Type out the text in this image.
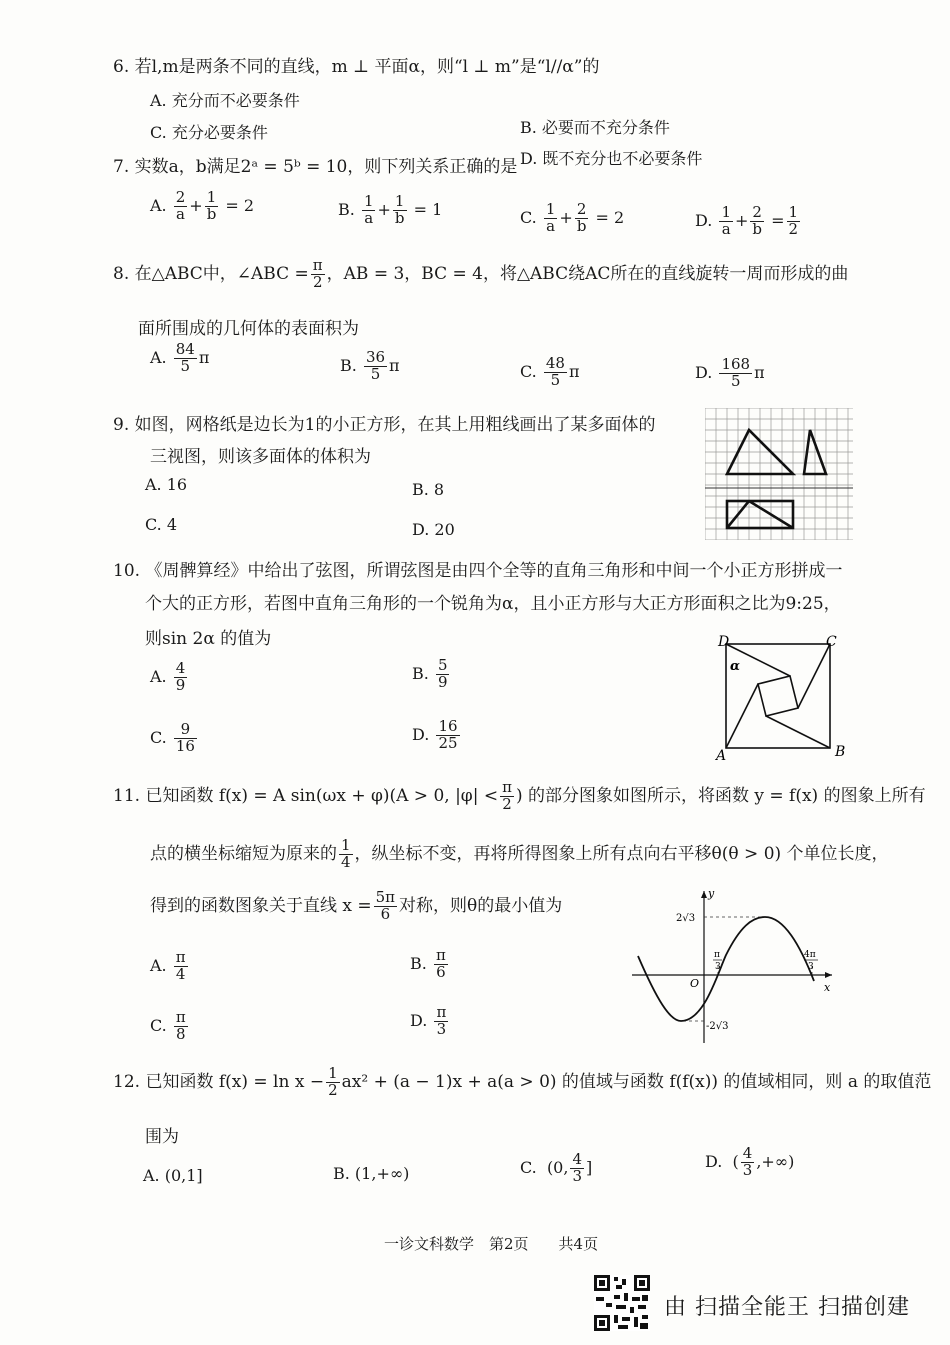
6. 若l,m是两条不同的直线，m ⊥ 平面α，则“l ⊥ m”是“l//α”的
A. 充分而不必要条件
C. 充分必要条件	B. 必要而不充分条件
D. 既不充分也不必要条件
7. 实数a，b满足2ᵃ = 5ᵇ = 10，则下列关系正确的是
A. $\frac{2}{a} + \frac{1}{b} = 2$	B. $\frac{1}{a} + \frac{1}{b} = 1$	C. $\frac{1}{a} + \frac{2}{b} = 2$	D. $\frac{1}{a} + \frac{2}{b} = \frac{1}{2}$
8. 在△ABC中，∠ABC = $\frac{\pi}{2}$ ，AB = 3，BC = 4，将△ABC绕AC所在的直线旋转一周而形成的曲
面所围成的几何体的表面积为
A. $\frac{84}{5}$ π	B. $\frac{36}{5}$ π	C. $\frac{48}{5}$ π	D. $\frac{168}{5}$ π
9. 如图，网格纸是边长为1的小正方形，在其上用粗线画出了某多面体的
三视图，则该多面体的体积为
A. 16	B. 8
C. 4	D. 20
10. 《周髀算经》中给出了弦图，所谓弦图是由四个全等的直角三角形和中间一个小正方形拼成一
个大的正方形，若图中直角三角形的一个锐角为α，且小正方形与大正方形面积之比为9:25，
则sin 2α 的值为
A. $\frac{4}{9}$	B. $\frac{5}{9}$
C. $\frac{9}{16}$	D. $\frac{16}{25}$
D	C
A	B
α
11. 已知函数 f(x) = A sin(ωx + φ)(A > 0, $|\varphi| < \frac{\pi}{2}$ ) 的部分图象如图所示，将函数 y = f(x) 的图象上所有
点的横坐标缩短为原来的 $\frac{1}{4}$ ，纵坐标不变，再将所得图象上所有点向右平移θ(θ > 0) 个单位长度，
得到的函数图象关于直线 $x = \frac{5\pi}{6}$ 对称，则θ的最小值为
A. $\frac{\pi}{4}$	B. $\frac{\pi}{6}$
C. $\frac{\pi}{8}$	D. $\frac{\pi}{3}$
y
x
O
2√3
-2√3
π
3
4π
3
12. 已知函数 $f(x) = \ln x - \frac{1}{2} ax^2 + (a - 1)x + a(a > 0)$ 的值域与函数 f(f(x)) 的值域相同，则 a 的取值范
围为
A. (0,1]	B. (1,+∞)	C. (0, $\frac{4}{3}$ ]	D. ( $\frac{4}{3}$ ,+∞)
一诊文科数学　第2页　　共4页
由 扫描全能王 扫描创建
